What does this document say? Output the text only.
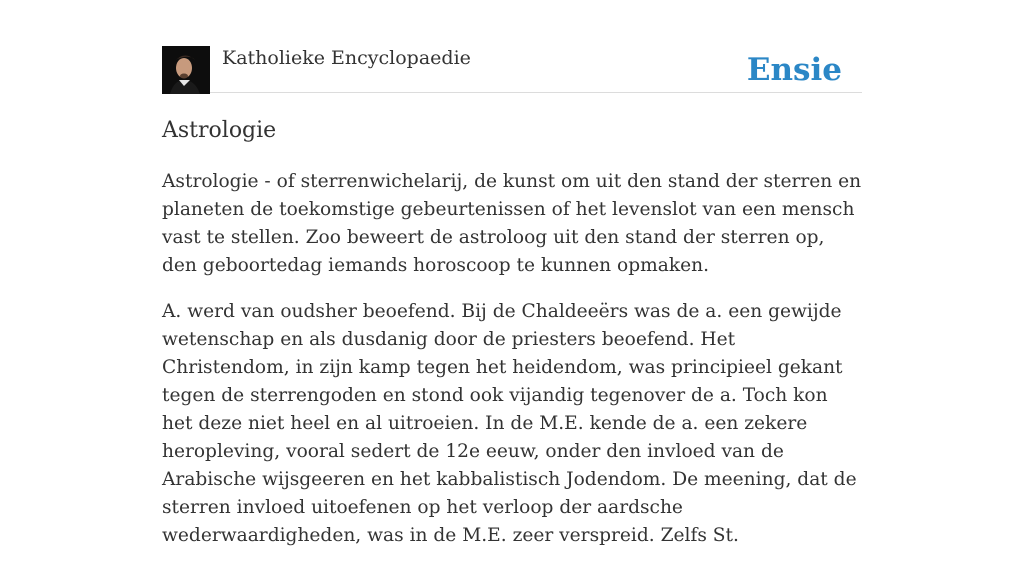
Katholieke Encyclopaedie	Ensie
Astrologie

Astrologie - of sterrenwichelarij, de kunst om uit den stand der sterren en planeten de toekomstige gebeurtenissen of het levenslot van een mensch vast te stellen. Zoo beweert de astroloog uit den stand der sterren op, den geboortedag iemands horoscoop te kunnen opmaken.

A. werd van oudsher beoefend. Bij de Chaldeeërs was de a. een gewijde wetenschap en als dusdanig door de priesters beoefend. Het Christendom, in zijn kamp tegen het heidendom, was principieel gekant tegen de sterrengoden en stond ook vijandig tegenover de a. Toch kon het deze niet heel en al uitroeien. In de M.E. kende de a. een zekere heropleving, vooral sedert de 12e eeuw, onder den invloed van de Arabische wijsgeeren en het kabbalistisch Jodendom. De meening, dat de sterren invloed uitoefenen op het verloop der aardsche wederwaardigheden, was in de M.E. zeer verspreid. Zelfs St.
